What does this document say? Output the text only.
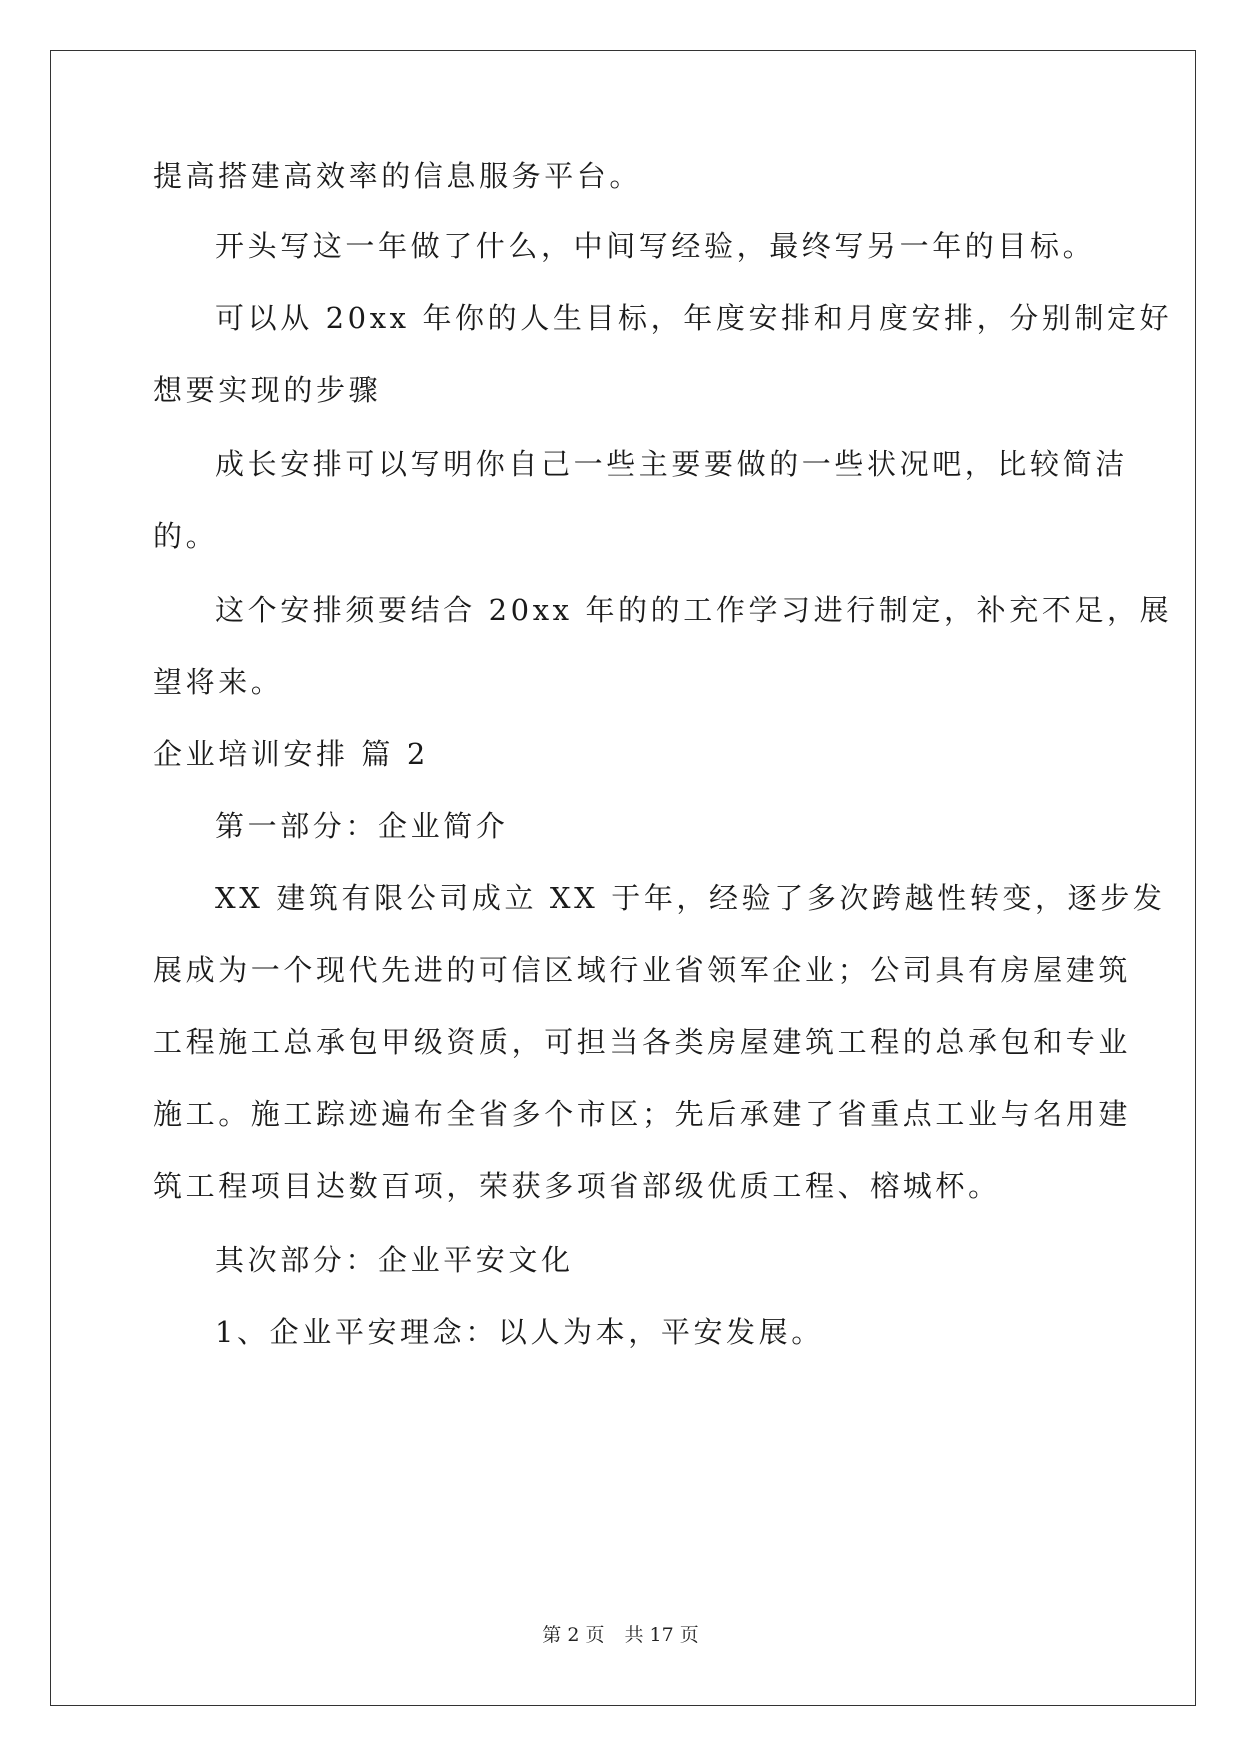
提高搭建高效率的信息服务平台。
开头写这一年做了什么，中间写经验，最终写另一年的目标。
可以从 20xx 年你的人生目标，年度安排和月度安排，分别制定好
想要实现的步骤
成长安排可以写明你自己一些主要要做的一些状况吧，比较简洁
的。
这个安排须要结合 20xx 年的的工作学习进行制定，补充不足，展
望将来。
企业培训安排 篇 2
第一部分：企业简介
XX 建筑有限公司成立 XX 于年，经验了多次跨越性转变，逐步发
展成为一个现代先进的可信区域行业省领军企业；公司具有房屋建筑
工程施工总承包甲级资质，可担当各类房屋建筑工程的总承包和专业
施工。施工踪迹遍布全省多个市区；先后承建了省重点工业与名用建
筑工程项目达数百项，荣获多项省部级优质工程、榕城杯。
其次部分：企业平安文化
1、企业平安理念：以人为本，平安发展。
第 2 页 共 17 页
